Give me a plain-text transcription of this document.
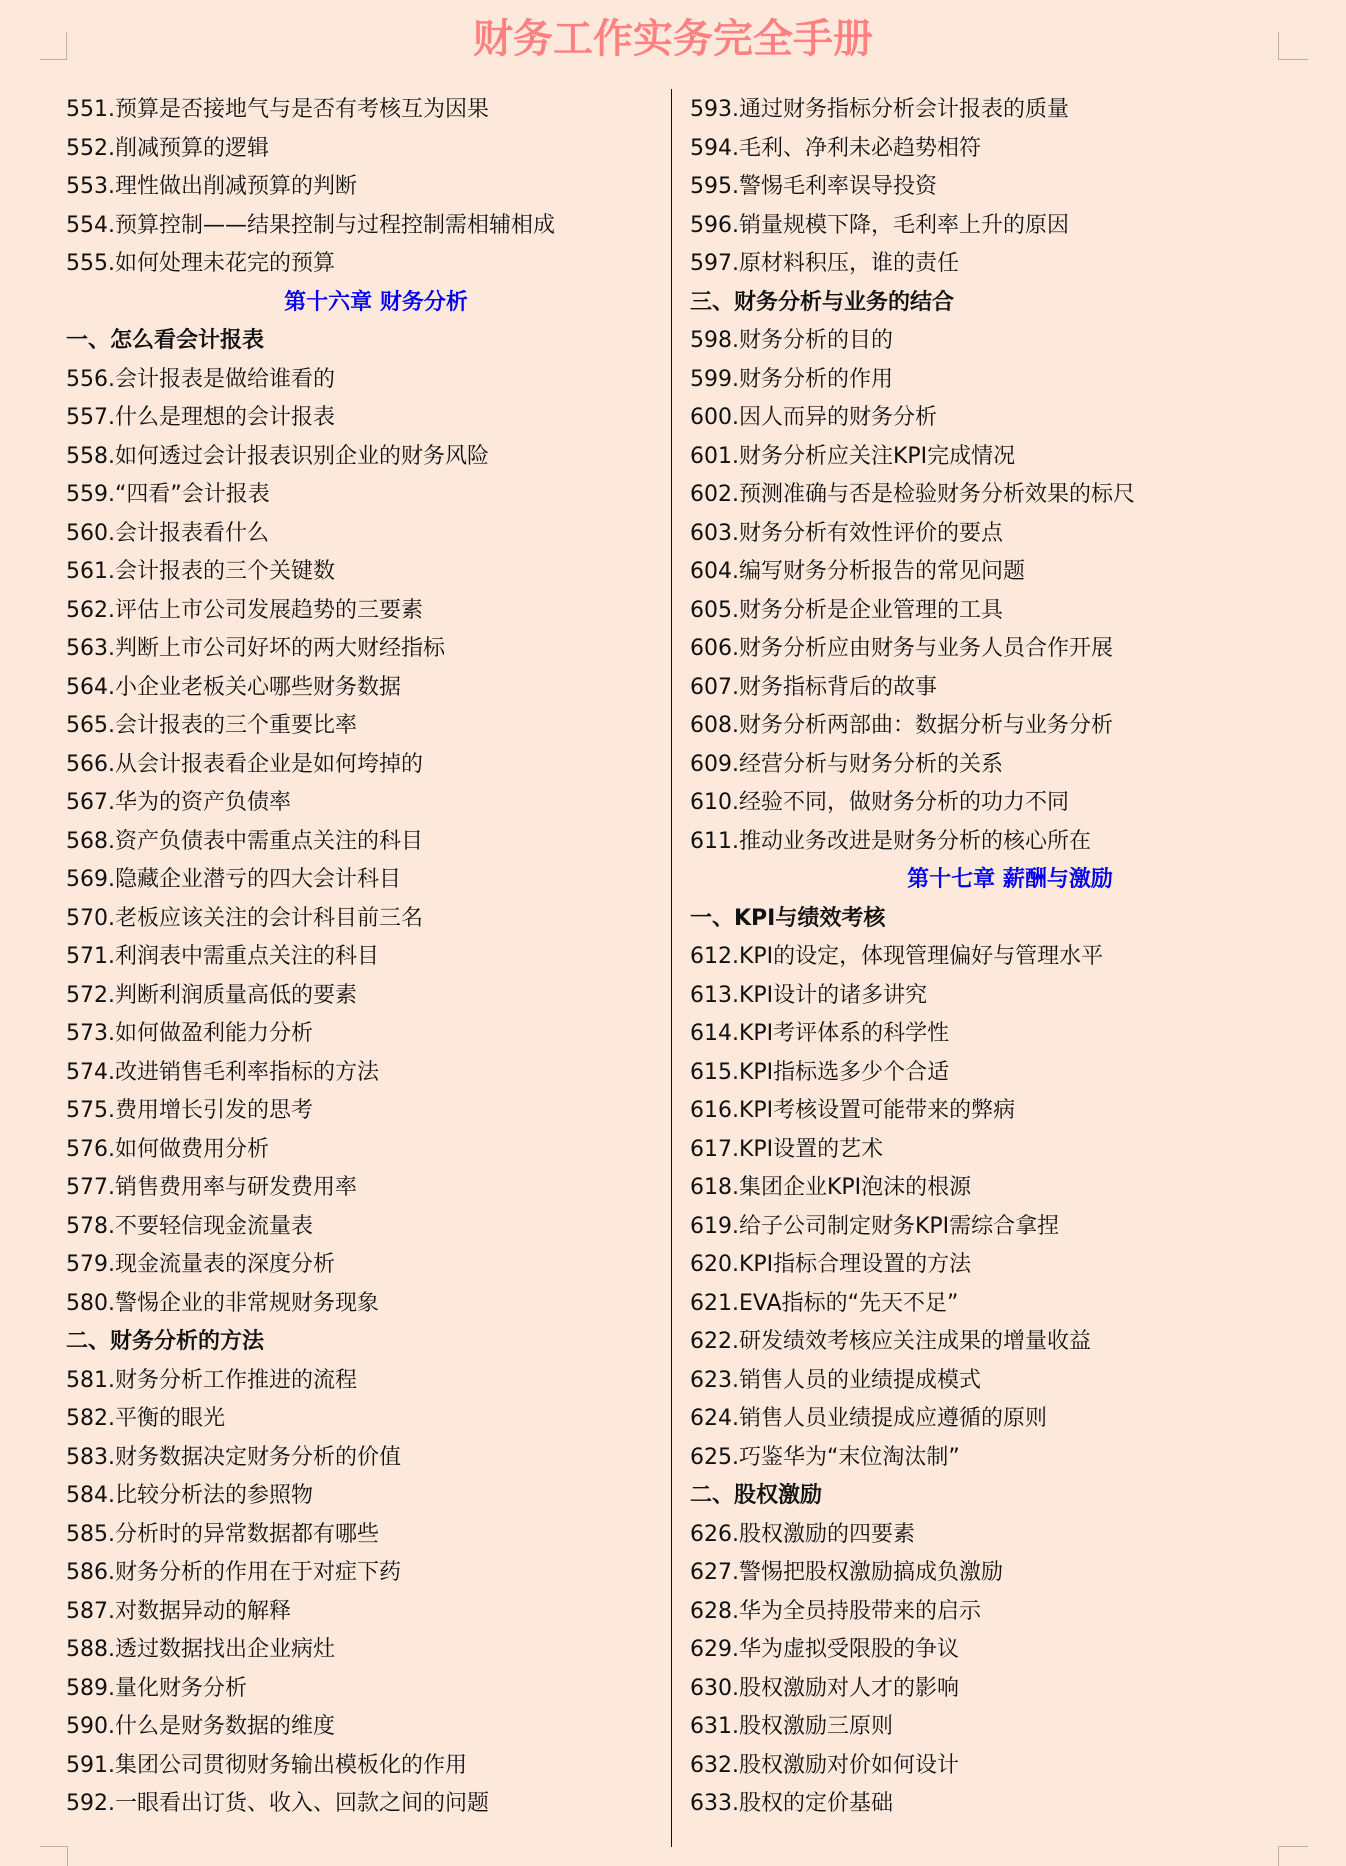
财务工作实务完全手册
551.预算是否接地气与是否有考核互为因果
552.削减预算的逻辑
553.理性做出削减预算的判断
554.预算控制——结果控制与过程控制需相辅相成
555.如何处理未花完的预算
第十六章 财务分析
一、怎么看会计报表
556.会计报表是做给谁看的
557.什么是理想的会计报表
558.如何透过会计报表识别企业的财务风险
559.“四看”会计报表
560.会计报表看什么
561.会计报表的三个关键数
562.评估上市公司发展趋势的三要素
563.判断上市公司好坏的两大财经指标
564.小企业老板关心哪些财务数据
565.会计报表的三个重要比率
566.从会计报表看企业是如何垮掉的
567.华为的资产负债率
568.资产负债表中需重点关注的科目
569.隐藏企业潜亏的四大会计科目
570.老板应该关注的会计科目前三名
571.利润表中需重点关注的科目
572.判断利润质量高低的要素
573.如何做盈利能力分析
574.改进销售毛利率指标的方法
575.费用增长引发的思考
576.如何做费用分析
577.销售费用率与研发费用率
578.不要轻信现金流量表
579.现金流量表的深度分析
580.警惕企业的非常规财务现象
二、财务分析的方法
581.财务分析工作推进的流程
582.平衡的眼光
583.财务数据决定财务分析的价值
584.比较分析法的参照物
585.分析时的异常数据都有哪些
586.财务分析的作用在于对症下药
587.对数据异动的解释
588.透过数据找出企业病灶
589.量化财务分析
590.什么是财务数据的维度
591.集团公司贯彻财务输出模板化的作用
592.一眼看出订货、收入、回款之间的问题
593.通过财务指标分析会计报表的质量
594.毛利、净利未必趋势相符
595.警惕毛利率误导投资
596.销量规模下降，毛利率上升的原因
597.原材料积压，谁的责任
三、财务分析与业务的结合
598.财务分析的目的
599.财务分析的作用
600.因人而异的财务分析
601.财务分析应关注KPI完成情况
602.预测准确与否是检验财务分析效果的标尺
603.财务分析有效性评价的要点
604.编写财务分析报告的常见问题
605.财务分析是企业管理的工具
606.财务分析应由财务与业务人员合作开展
607.财务指标背后的故事
608.财务分析两部曲：数据分析与业务分析
609.经营分析与财务分析的关系
610.经验不同，做财务分析的功力不同
611.推动业务改进是财务分析的核心所在
第十七章 薪酬与激励
一、KPI与绩效考核
612.KPI的设定，体现管理偏好与管理水平
613.KPI设计的诸多讲究
614.KPI考评体系的科学性
615.KPI指标选多少个合适
616.KPI考核设置可能带来的弊病
617.KPI设置的艺术
618.集团企业KPI泡沫的根源
619.给子公司制定财务KPI需综合拿捏
620.KPI指标合理设置的方法
621.EVA指标的“先天不足”
622.研发绩效考核应关注成果的增量收益
623.销售人员的业绩提成模式
624.销售人员业绩提成应遵循的原则
625.巧鉴华为“末位淘汰制”
二、股权激励
626.股权激励的四要素
627.警惕把股权激励搞成负激励
628.华为全员持股带来的启示
629.华为虚拟受限股的争议
630.股权激励对人才的影响
631.股权激励三原则
632.股权激励对价如何设计
633.股权的定价基础
